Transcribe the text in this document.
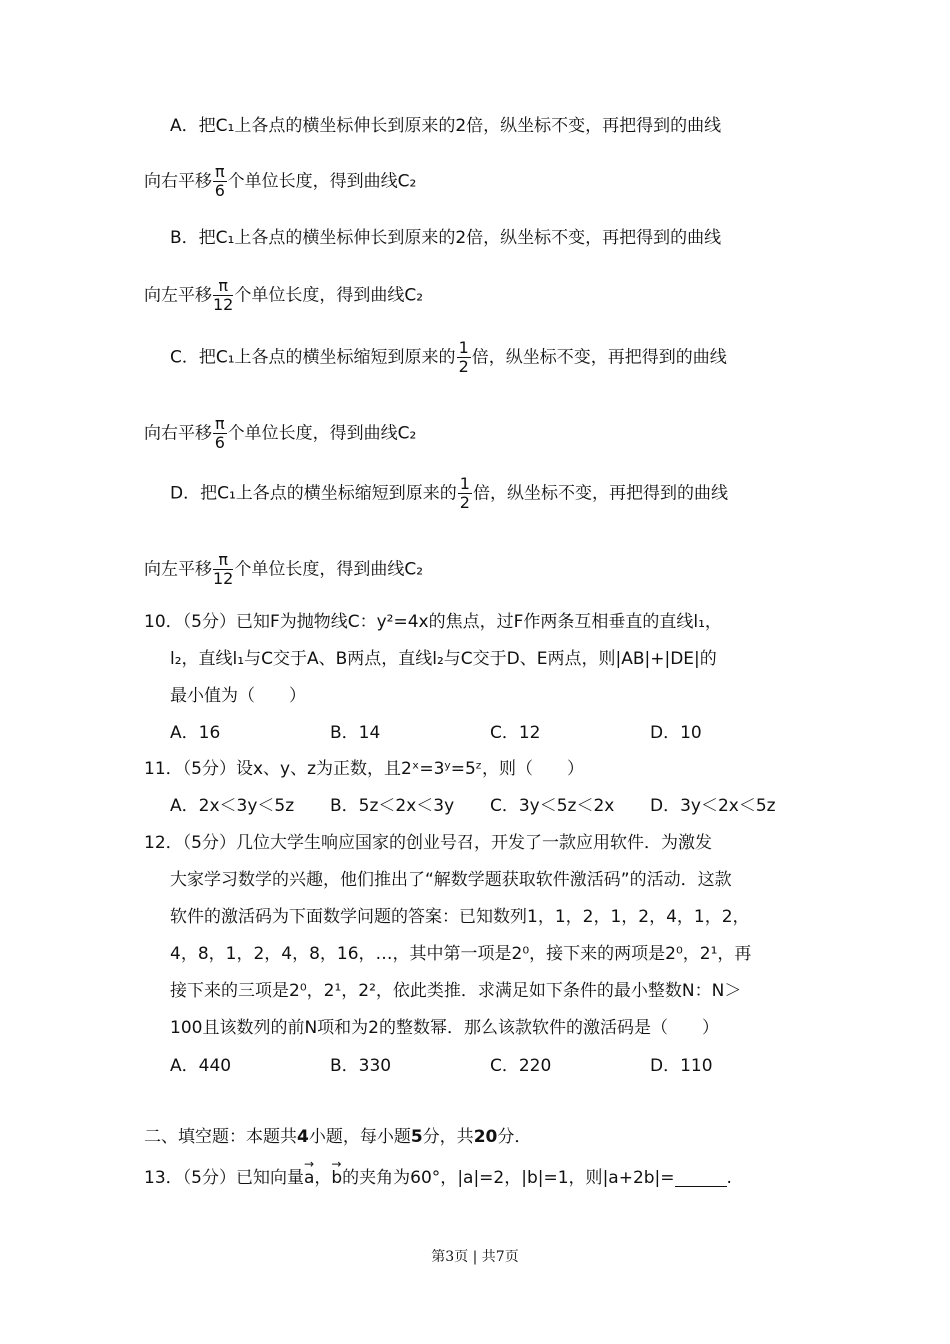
A．把C₁上各点的横坐标伸长到原来的2倍，纵坐标不变，再把得到的曲线
向右平移 $\frac{\pi}{6}$ 个单位长度，得到曲线C₂
B．把C₁上各点的横坐标伸长到原来的2倍，纵坐标不变，再把得到的曲线
向左平移 $\frac{\pi}{12}$ 个单位长度，得到曲线C₂
C．把C₁上各点的横坐标缩短到原来的 $\frac{1}{2}$ 倍，纵坐标不变，再把得到的曲线
向右平移 $\frac{\pi}{6}$ 个单位长度，得到曲线C₂
D．把C₁上各点的横坐标缩短到原来的 $\frac{1}{2}$ 倍，纵坐标不变，再把得到的曲线
向左平移 $\frac{\pi}{12}$ 个单位长度，得到曲线C₂
10．（5分）已知F为抛物线C：y²=4x的焦点，过F作两条互相垂直的直线l₁，
l₂，直线l₁与C交于A、B两点，直线l₂与C交于D、E两点，则|AB|+|DE|的
最小值为（　　）
A．16	B．14	C．12	D．10
11．（5分）设x、y、z为正数，且2ˣ=3ʸ=5ᶻ，则（　　）
A．2x＜3y＜5z B．5z＜2x＜3y C．3y＜5z＜2x D．3y＜2x＜5z
12．（5分）几位大学生响应国家的创业号召，开发了一款应用软件．为激发
大家学习数学的兴趣，他们推出了“解数学题获取软件激活码”的活动．这款
软件的激活码为下面数学问题的答案：已知数列1，1，2，1，2，4，1，2，
4，8，1，2，4，8，16，…，其中第一项是2⁰，接下来的两项是2⁰，2¹，再
接下来的三项是2⁰，2¹，2²，依此类推．求满足如下条件的最小整数N：N＞
100且该数列的前N项和为2的整数幂．那么该款软件的激活码是（　　）
A．440	B．330	C．220	D．110
二、填空题：本题共4小题，每小题5分，共20分．
13．（5分）已知向量→ a，→ b的夹角为60°，|a|=2，|b|=1，则|a+2b|=	.
第3页 | 共7页
